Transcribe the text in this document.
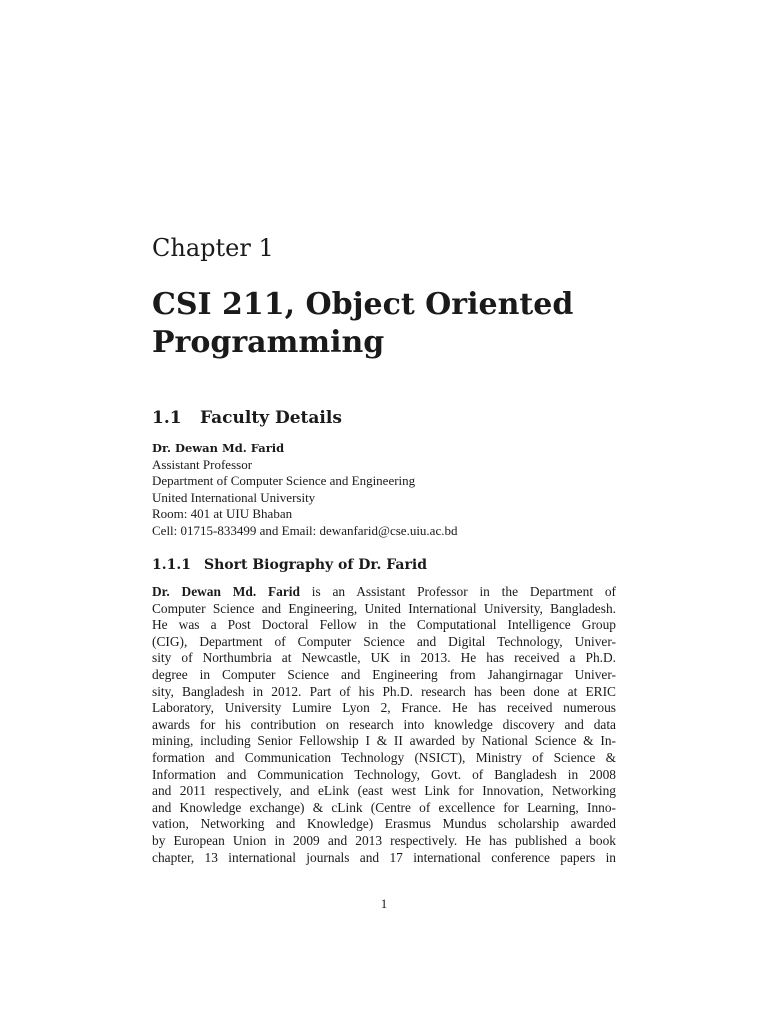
Chapter 1
CSI 211, Object Oriented
Programming
1.1 Faculty Details
Dr. Dewan Md. Farid
Assistant Professor
Department of Computer Science and Engineering
United International University
Room: 401 at UIU Bhaban
Cell: 01715-833499 and Email: dewanfarid@cse.uiu.ac.bd
1.1.1 Short Biography of Dr. Farid
Dr. Dewan Md. Farid is an Assistant Professor in the Department of
Computer Science and Engineering, United International University, Bangladesh.
He was a Post Doctoral Fellow in the Computational Intelligence Group
(CIG), Department of Computer Science and Digital Technology, Univer-
sity of Northumbria at Newcastle, UK in 2013. He has received a Ph.D.
degree in Computer Science and Engineering from Jahangirnagar Univer-
sity, Bangladesh in 2012. Part of his Ph.D. research has been done at ERIC
Laboratory, University Lumire Lyon 2, France. He has received numerous
awards for his contribution on research into knowledge discovery and data
mining, including Senior Fellowship I & II awarded by National Science & In-
formation and Communication Technology (NSICT), Ministry of Science &
Information and Communication Technology, Govt. of Bangladesh in 2008
and 2011 respectively, and eLink (east west Link for Innovation, Networking
and Knowledge exchange) & cLink (Centre of excellence for Learning, Inno-
vation, Networking and Knowledge) Erasmus Mundus scholarship awarded
by European Union in 2009 and 2013 respectively. He has published a book
chapter, 13 international journals and 17 international conference papers in
1
